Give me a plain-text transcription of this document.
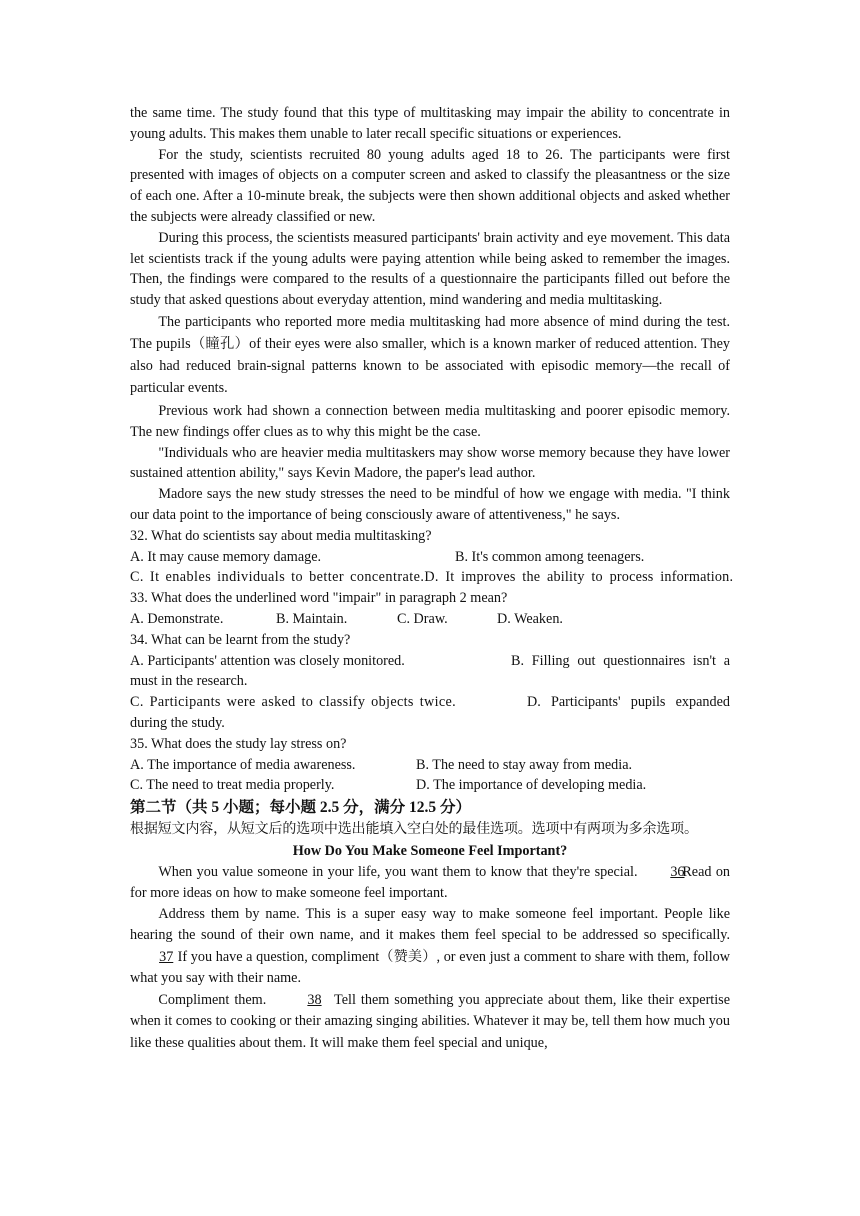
the same time. The study found that this type of multitasking may impair the ability to concentrate in young adults. This makes them unable to later recall specific situations or experiences.

For the study, scientists recruited 80 young adults aged 18 to 26. The participants were first presented with images of objects on a computer screen and asked to classify the pleasantness or the size of each one. After a 10-minute break, the subjects were then shown additional objects and asked whether the subjects were already classified or new.

During this process, the scientists measured participants' brain activity and eye movement. This data let scientists track if the young adults were paying attention while being asked to remember the images. Then, the findings were compared to the results of a questionnaire the participants filled out before the study that asked questions about everyday attention, mind wandering and media multitasking.

The participants who reported more media multitasking had more absence of mind during the test. The pupils（瞳孔）of their eyes were also smaller, which is a known marker of reduced attention. They also had reduced brain-signal patterns known to be associated with episodic memory—the recall of particular events.

Previous work had shown a connection between media multitasking and poorer episodic memory. The new findings offer clues as to why this might be the case.

"Individuals who are heavier media multitaskers may show worse memory because they have lower sustained attention ability," says Kevin Madore, the paper's lead author.

Madore says the new study stresses the need to be mindful of how we engage with media. "I think our data point to the importance of being consciously aware of attentiveness," he says.

32. What do scientists say about media multitasking?

A. It may cause memory damage.	B. It's common among teenagers.
C. It enables individuals to better concentrate. D. It improves the ability to process information.

33. What does the underlined word "impair" in paragraph 2 mean?

A. Demonstrate.	B. Maintain.	C. Draw.	D. Weaken.

34. What can be learnt from the study?

A. Participants' attention was closely monitored.	B. Filling out questionnaires isn't a

must in the research.

C. Participants were asked to classify objects twice.	D. Participants' pupils expanded

during the study.

35. What does the study lay stress on?

A. The importance of media awareness.	B. The need to stay away from media.
C. The need to treat media properly.	D. The importance of developing media.
第二节（共 5 小题；每小题 2.5 分，满分 12.5 分）
根据短文内容，从短文后的选项中选出能填入空白处的最佳选项。选项中有两项为多余选项。

How Do You Make Someone Feel Important?

When you value someone in your life, you want them to know that they're special. 36 Read on for more ideas on how to make someone feel important.

Address them by name. This is a super easy way to make someone feel important. People like hearing the sound of their own name, and it makes them feel special to be addressed so specifically. 37 If you have a question, compliment（赞美）, or even just a comment to share with them, follow what you say with their name.

Compliment them.	38 Tell them something you appreciate about them, like their expertise when it comes to cooking or their amazing singing abilities. Whatever it may be, tell them how much you like these qualities about them. It will make them feel special and unique,
